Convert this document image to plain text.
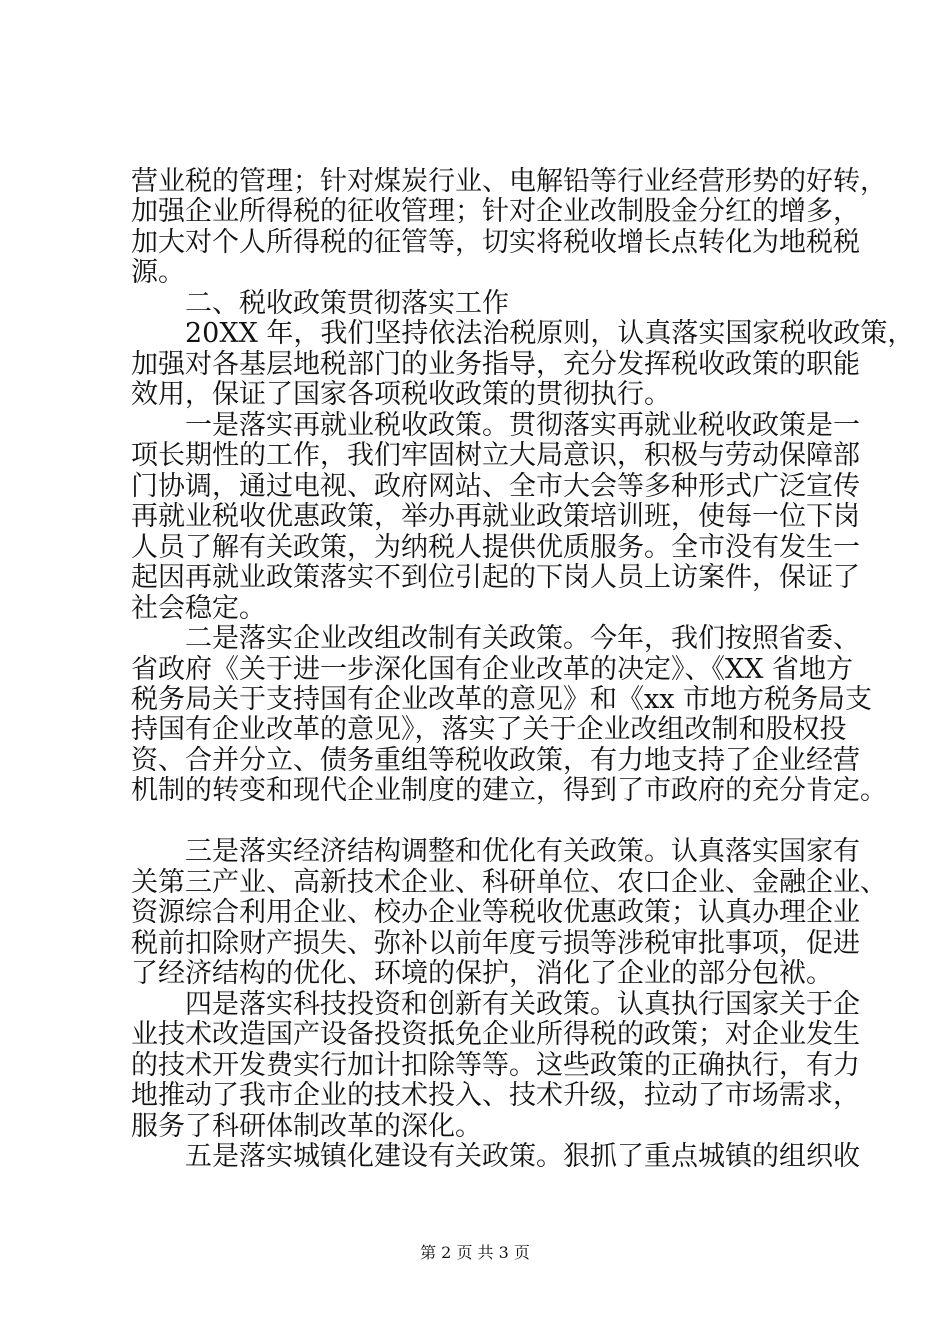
营业税的管理；针对煤炭行业、电解铅等行业经营形势的好转，
加强企业所得税的征收管理；针对企业改制股金分红的增多，
加大对个人所得税的征管等，切实将税收增长点转化为地税税
源。
　　二、税收政策贯彻落实工作
　　20XX 年，我们坚持依法治税原则，认真落实国家税收政策，
加强对各基层地税部门的业务指导，充分发挥税收政策的职能
效用，保证了国家各项税收政策的贯彻执行。
　　一是落实再就业税收政策。贯彻落实再就业税收政策是一
项长期性的工作，我们牢固树立大局意识，积极与劳动保障部
门协调，通过电视、政府网站、全市大会等多种形式广泛宣传
再就业税收优惠政策，举办再就业政策培训班，使每一位下岗
人员了解有关政策，为纳税人提供优质服务。全市没有发生一
起因再就业政策落实不到位引起的下岗人员上访案件，保证了
社会稳定。
　　二是落实企业改组改制有关政策。今年，我们按照省委、
省政府《关于进一步深化国有企业改革的决定》、《XX 省地方
税务局关于支持国有企业改革的意见》和《xx 市地方税务局支
持国有企业改革的意见》，落实了关于企业改组改制和股权投
资、合并分立、债务重组等税收政策，有力地支持了企业经营
机制的转变和现代企业制度的建立，得到了市政府的充分肯定。
　　三是落实经济结构调整和优化有关政策。认真落实国家有
关第三产业、高新技术企业、科研单位、农口企业、金融企业、
资源综合利用企业、校办企业等税收优惠政策；认真办理企业
税前扣除财产损失、弥补以前年度亏损等涉税审批事项，促进
了经济结构的优化、环境的保护，消化了企业的部分包袱。
　　四是落实科技投资和创新有关政策。认真执行国家关于企
业技术改造国产设备投资抵免企业所得税的政策；对企业发生
的技术开发费实行加计扣除等等。这些政策的正确执行，有力
地推动了我市企业的技术投入、技术升级，拉动了市场需求，
服务了科研体制改革的深化。
　　五是落实城镇化建设有关政策。狠抓了重点城镇的组织收
第 2 页 共 3 页
